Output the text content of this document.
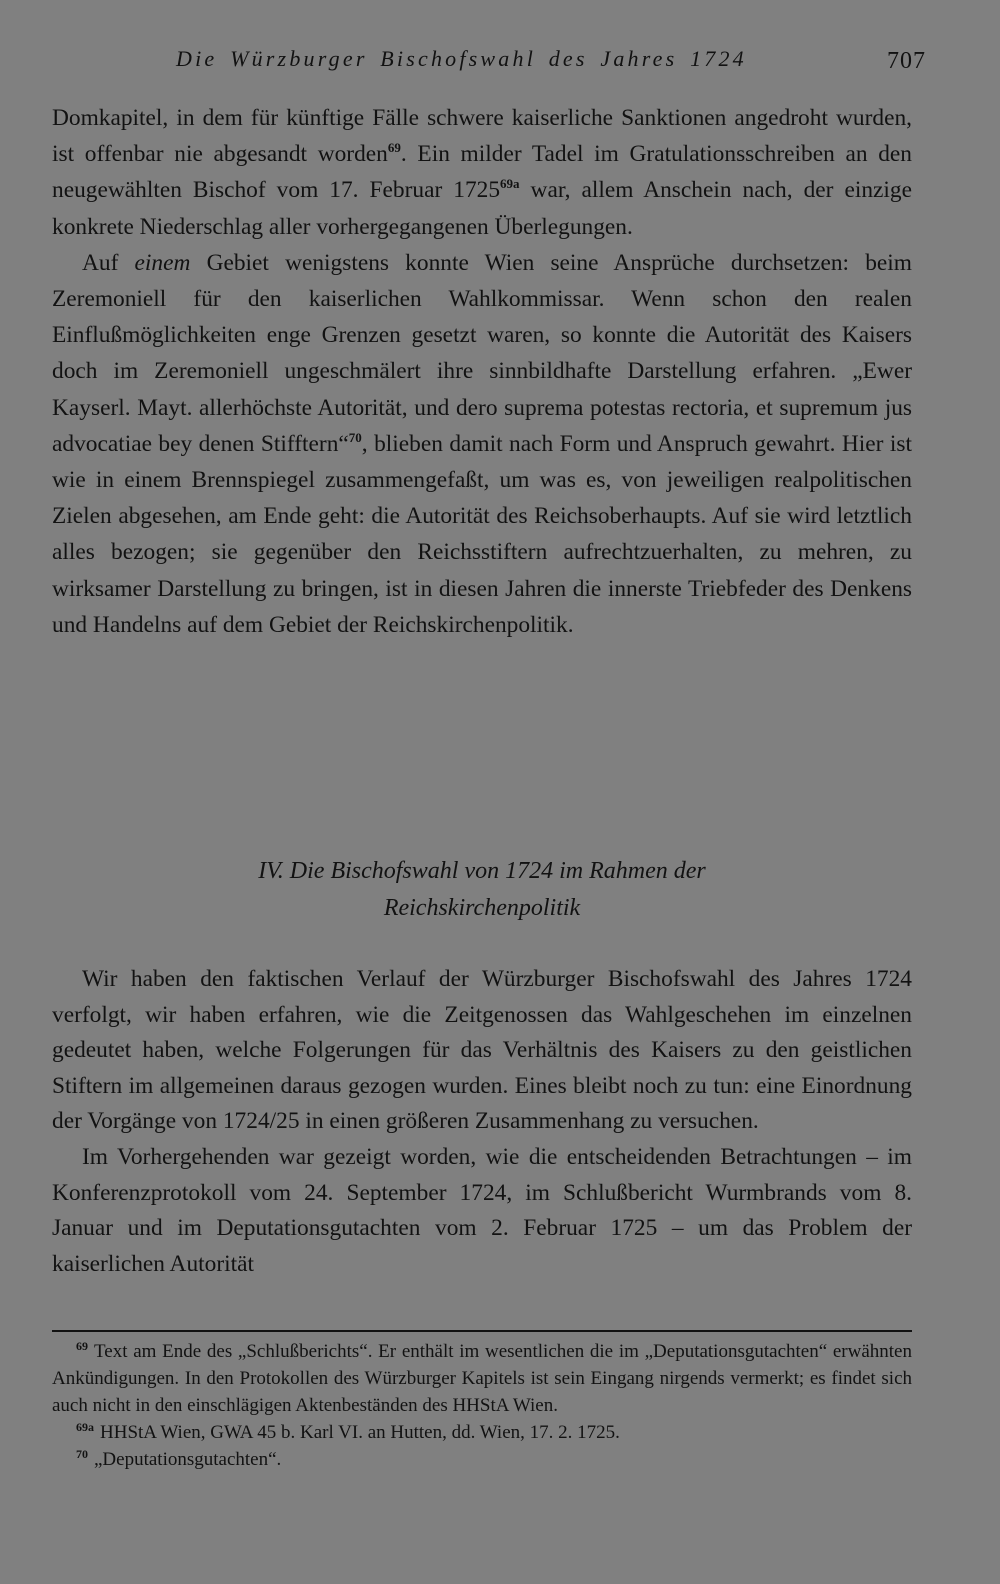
Die Würzburger Bischofswahl des Jahres 1724	707

Domkapitel, in dem für künftige Fälle schwere kaiserliche Sanktionen angedroht wurden, ist offenbar nie abgesandt worden$^{69}$. Ein milder Tadel im Gratulationsschreiben an den neugewählten Bischof vom 17. Februar $1725^{69a}$ war, allem Anschein nach, der einzige konkrete Niederschlag aller vorhergegangenen Überlegungen.

Auf einem Gebiet wenigstens konnte Wien seine Ansprüche durchsetzen: beim Zeremoniell für den kaiserlichen Wahlkommissar. Wenn schon den realen Einflußmöglichkeiten enge Grenzen gesetzt waren, so konnte die Autorität des Kaisers doch im Zeremoniell ungeschmälert ihre sinnbildhafte Darstellung erfahren. „Ewer Kayserl. Mayt. allerhöchste Autorität, und dero suprema potestas rectoria, et supremum jus advocatiae bey denen Stifftern“$^{70}$, blieben damit nach Form und Anspruch gewahrt. Hier ist wie in einem Brennspiegel zusammengefaßt, um was es, von jeweiligen realpolitischen Zielen abgesehen, am Ende geht: die Autorität des Reichsoberhaupts. Auf sie wird letztlich alles bezogen; sie gegenüber den Reichsstiftern aufrechtzuerhalten, zu mehren, zu wirksamer Darstellung zu bringen, ist in diesen Jahren die innerste Triebfeder des Denkens und Handelns auf dem Gebiet der Reichskirchenpolitik.

IV. Die Bischofswahl von 1724 im Rahmen der
Reichskirchenpolitik

Wir haben den faktischen Verlauf der Würzburger Bischofswahl des Jahres 1724 verfolgt, wir haben erfahren, wie die Zeitgenossen das Wahlgeschehen im einzelnen gedeutet haben, welche Folgerungen für das Verhältnis des Kaisers zu den geistlichen Stiftern im allgemeinen daraus gezogen wurden. Eines bleibt noch zu tun: eine Einordnung der Vorgänge von 1724/25 in einen größeren Zusammenhang zu versuchen.

Im Vorhergehenden war gezeigt worden, wie die entscheidenden Betrachtungen – im Konferenzprotokoll vom 24. September 1724, im Schlußbericht Wurmbrands vom 8. Januar und im Deputationsgutachten vom 2. Februar 1725 – um das Problem der kaiserlichen Autorität

$^{69}$ Text am Ende des „Schlußberichts“. Er enthält im wesentlichen die im „Deputationsgutachten“ erwähnten Ankündigungen. In den Protokollen des Würzburger Kapitels ist sein Eingang nirgends vermerkt; es findet sich auch nicht in den einschlägigen Aktenbeständen des HHStA Wien.

$^{69a}$ HHStA Wien, GWA 45 b. Karl VI. an Hutten, dd. Wien, 17. 2. 1725.

$^{70}$ „Deputationsgutachten“.
